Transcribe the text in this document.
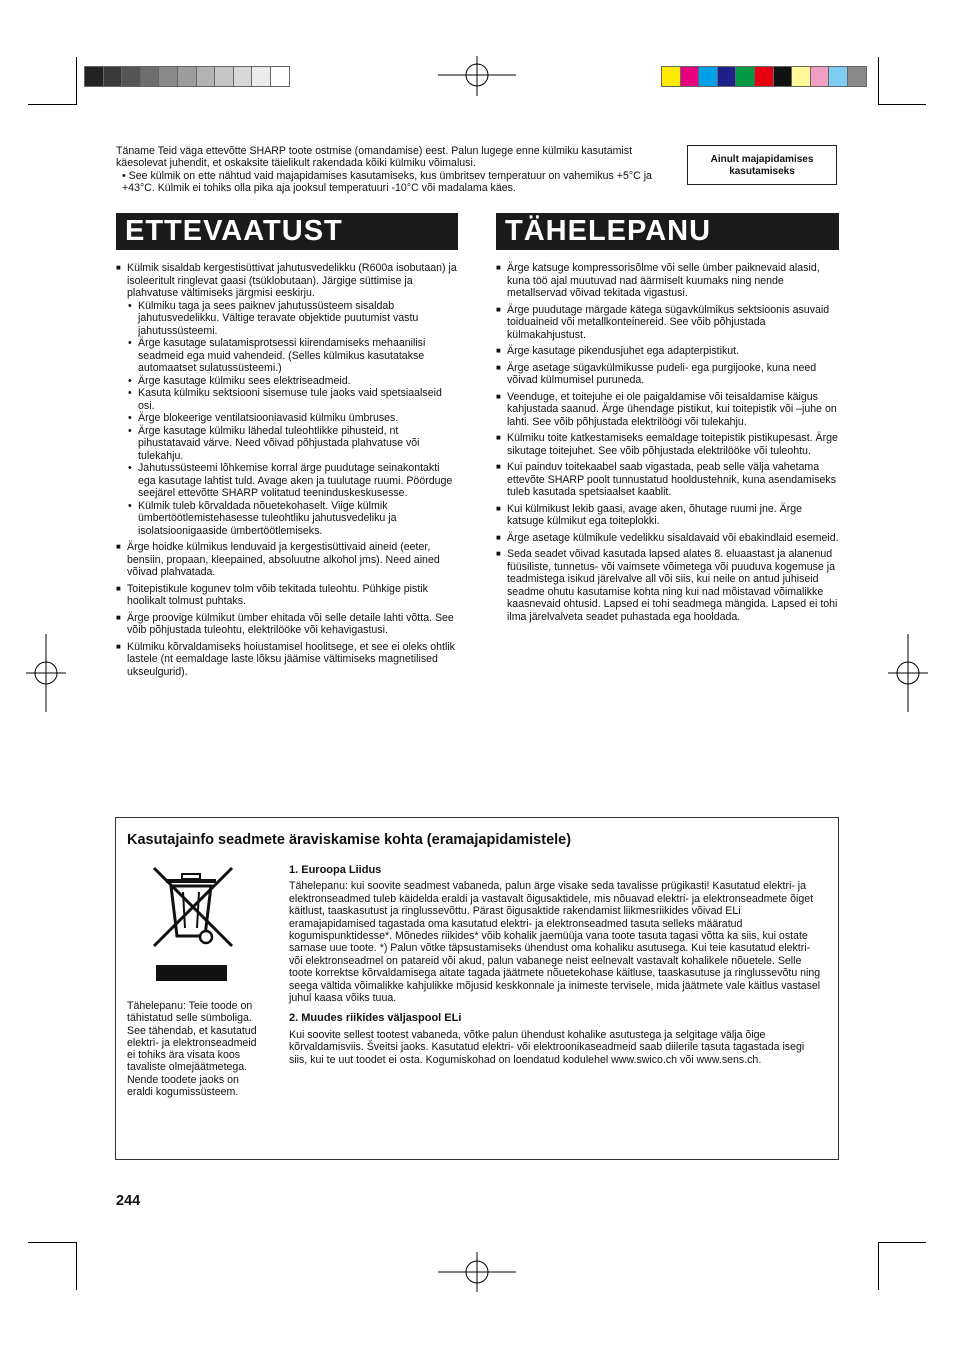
Täname Teid väga ettevõtte SHARP toote ostmise (omandamise) eest. Palun lugege enne külmiku kasutamist käesolevat juhendit, et oskaksite täielikult rakendada kõiki külmiku võimalusi.

• See külmik on ette nähtud vaid majapidamises kasutamiseks, kus ümbritsev temperatuur on vahemikus +5°C ja +43°C. Külmik ei tohiks olla pika aja jooksul temperatuuri -10°C või madalama käes.

Ainult majapidamises
kasutamiseks
ETTEVAATUST	TÄHELEPANU
■ Külmik sisaldab kergestisüttivat jahutusvedelikku (R600a isobutaan) ja isoleeritult ringlevat gaasi (tsüklobutaan). Järgige süttimise ja plahvatuse vältimiseks järgmisi eeskirju.
• Külmiku taga ja sees paiknev jahutussüsteem sisaldab jahutusvedelikku. Vältige teravate objektide puutumist vastu jahutussüsteemi.
• Ärge kasutage sulatamisprotsessi kiirendamiseks mehaanilisi seadmeid ega muid vahendeid. (Selles külmikus kasutatakse automaatset sulatussüsteemi.)
• Ärge kasutage külmiku sees elektriseadmeid.
• Kasuta külmiku sektsiooni sisemuse tule jaoks vaid spetsiaalseid osi.
• Ärge blokeerige ventilatsiooniavasid külmiku ümbruses.
• Ärge kasutage külmiku lähedal tuleohtlikke pihusteid, nt pihustatavaid värve. Need võivad põhjustada plahvatuse või tulekahju.
• Jahutussüsteemi lõhkemise korral ärge puudutage seinakontakti ega kasutage lahtist tuld. Avage aken ja tuulutage ruumi. Pöörduge seejärel ettevõtte SHARP volitatud teeninduskeskusesse.
• Külmik tuleb kõrvaldada nõuetekohaselt. Viige külmik ümbertöötlemistehasesse tuleohtliku jahutusvedeliku ja isolatsioonigaaside ümbertöötlemiseks.
■ Ärge hoidke külmikus lenduvaid ja kergestisüttivaid aineid (eeter, bensiin, propaan, kleepained, absoluutne alkohol jms). Need ained võivad plahvatada.
■ Toitepistikule kogunev tolm võib tekitada tuleohtu. Pühkige pistik hoolikalt tolmust puhtaks.
■ Ärge proovige külmikut ümber ehitada või selle detaile lahti võtta. See võib põhjustada tuleohtu, elektrilööke või kehavigastusi.
■ Külmiku kõrvaldamiseks hoiustamisel hoolitsege, et see ei oleks ohtlik lastele (nt eemaldage laste lõksu jäämise vältimiseks magnetilised ukseulgurid).
■ Ärge katsuge kompressorisõlme või selle ümber paiknevaid alasid, kuna töö ajal muutuvad nad äärmiselt kuumaks ning nende metallservad võivad tekitada vigastusi.
■ Ärge puudutage märgade kätega sügavkülmikus sektsioonis asuvaid toiduaineid või metallkonteinereid. See võib põhjustada külmakahjustust.
■ Ärge kasutage pikendusjuhet ega adapterpistikut.
■ Ärge asetage sügavkülmikusse pudeli- ega purgijooke, kuna need võivad külmumisel puruneda.
■ Veenduge, et toitejuhe ei ole paigaldamise või teisaldamise käigus kahjustada saanud. Ärge ühendage pistikut, kui toitepistik või –juhe on lahti. See võib põhjustada elektrilöögi või tulekahju.
■ Külmiku toite katkestamiseks eemaldage toitepistik pistikupesast. Ärge sikutage toitejuhet. See võib põhjustada elektrilööke või tuleohtu.
■ Kui painduv toitekaabel saab vigastada, peab selle välja vahetama ettevõte SHARP poolt tunnustatud hooldustehnik, kuna asendamiseks tuleb kasutada spetsiaalset kaablit.
■ Kui külmikust lekib gaasi, avage aken, õhutage ruumi jne. Ärge katsuge külmikut ega toiteplokki.
■ Ärge asetage külmikule vedelikku sisaldavaid või ebakindlaid esemeid.
■ Seda seadet võivad kasutada lapsed alates 8. eluaastast ja alanenud füüsiliste, tunnetus- või vaimsete võimetega või puuduva kogemuse ja teadmistega isikud järelvalve all või siis, kui neile on antud juhiseid seadme ohutu kasutamise kohta ning kui nad mõistavad võimalikke kaasnevaid ohtusid. Lapsed ei tohi seadmega mängida. Lapsed ei tohi ilma järelvalveta seadet puhastada ega hooldada.
Kasutajainfo seadmete äraviskamise kohta (eramajapidamistele)
Tähelepanu: Teie toode on tähistatud selle sümboliga. See tähendab, et kasutatud elektri- ja elektronseadmeid ei tohiks ära visata koos tavaliste olmejäätmetega. Nende toodete jaoks on eraldi kogumissüsteem.
1. Euroopa Liidus

Tähelepanu: kui soovite seadmest vabaneda, palun ärge visake seda tavalisse prügikasti! Kasutatud elektri- ja elektronseadmed tuleb käidelda eraldi ja vastavalt õigusaktidele, mis nõuavad elektri- ja elektronseadmete õiget käitlust, taaskasutust ja ringlussevõttu. Pärast õigusaktide rakendamist liikmesriikides võivad ELi eramajapidamised tagastada oma kasutatud elektri- ja elektronseadmed tasuta selleks määratud kogumispunktidesse*. Mõnedes riikides* võib kohalik jaemüüja vana toote tasuta tagasi võtta ka siis, kui ostate sarnase uue toote. *) Palun võtke täpsustamiseks ühendust oma kohaliku asutusega. Kui teie kasutatud elektri- või elektronseadmel on patareid või akud, palun vabanege neist eelnevalt vastavalt kohalikele nõuetele. Selle toote korrektse kõrvaldamisega aitate tagada jäätmete nõuetekohase käitluse, taaskasutuse ja ringlussevõtu ning seega vältida võimalikke kahjulikke mõjusid keskkonnale ja inimeste tervisele, mida jäätmete vale käitlus vastasel juhul kaasa võiks tuua.

2. Muudes riikides väljaspool ELi

Kui soovite sellest tootest vabaneda, võtke palun ühendust kohalike asutustega ja selgitage välja õige kõrvaldamisviis. Šveitsi jaoks. Kasutatud elektri- või elektroonikaseadmeid saab diilerile tasuta tagastada isegi siis, kui te uut toodet ei osta. Kogumiskohad on loendatud kodulehel www.swico.ch või www.sens.ch.

244
